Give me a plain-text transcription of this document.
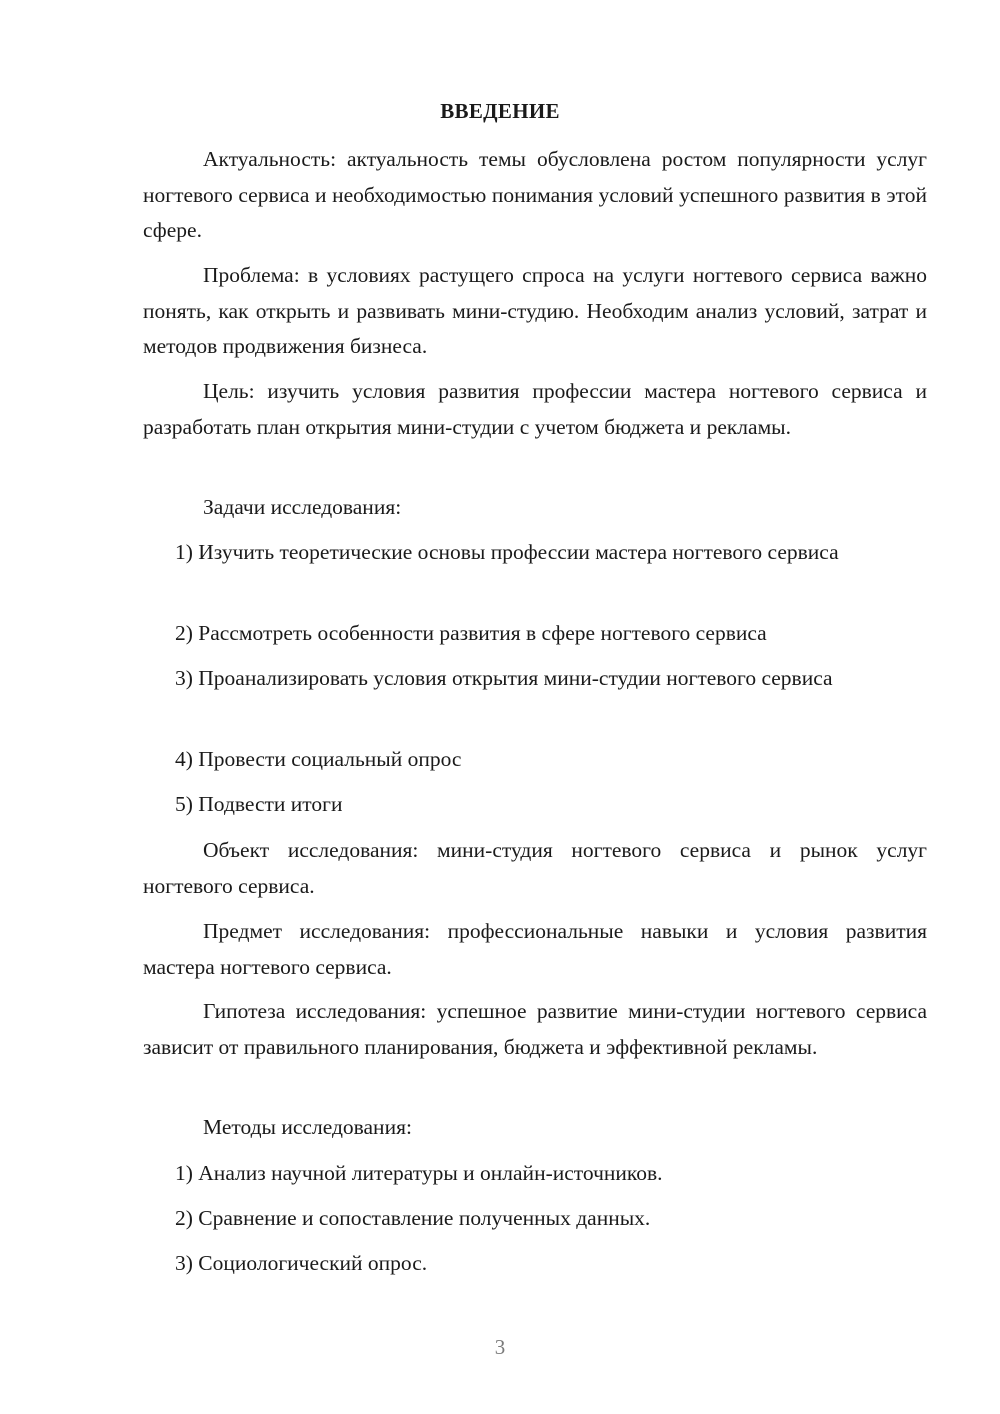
ВВЕДЕНИЕ

Актуальность: актуальность темы обусловлена ростом популярности услуг ногтевого сервиса и необходимостью понимания условий успешного развития в этой сфере.

Проблема: в условиях растущего спроса на услуги ногтевого сервиса важно понять, как открыть и развивать мини-студию. Необходим анализ условий, затрат и методов продвижения бизнеса.

Цель: изучить условия развития профессии мастера ногтевого сервиса и разработать план открытия мини-студии с учетом бюджета и рекламы.

Задачи исследования:

1) Изучить теоретические основы профессии мастера ногтевого сервиса

2) Рассмотреть особенности развития в сфере ногтевого сервиса

3) Проанализировать условия открытия мини-студии ногтевого сервиса

4) Провести социальный опрос

5) Подвести итоги

Объект исследования: мини-студия ногтевого сервиса и рынок услуг ногтевого сервиса.

Предмет исследования: профессиональные навыки и условия развития мастера ногтевого сервиса.

Гипотеза исследования: успешное развитие мини-студии ногтевого сервиса зависит от правильного планирования, бюджета и эффективной рекламы.

Методы исследования:

1) Анализ научной литературы и онлайн-источников.

2) Сравнение и сопоставление полученных данных.

3) Социологический опрос.

3
